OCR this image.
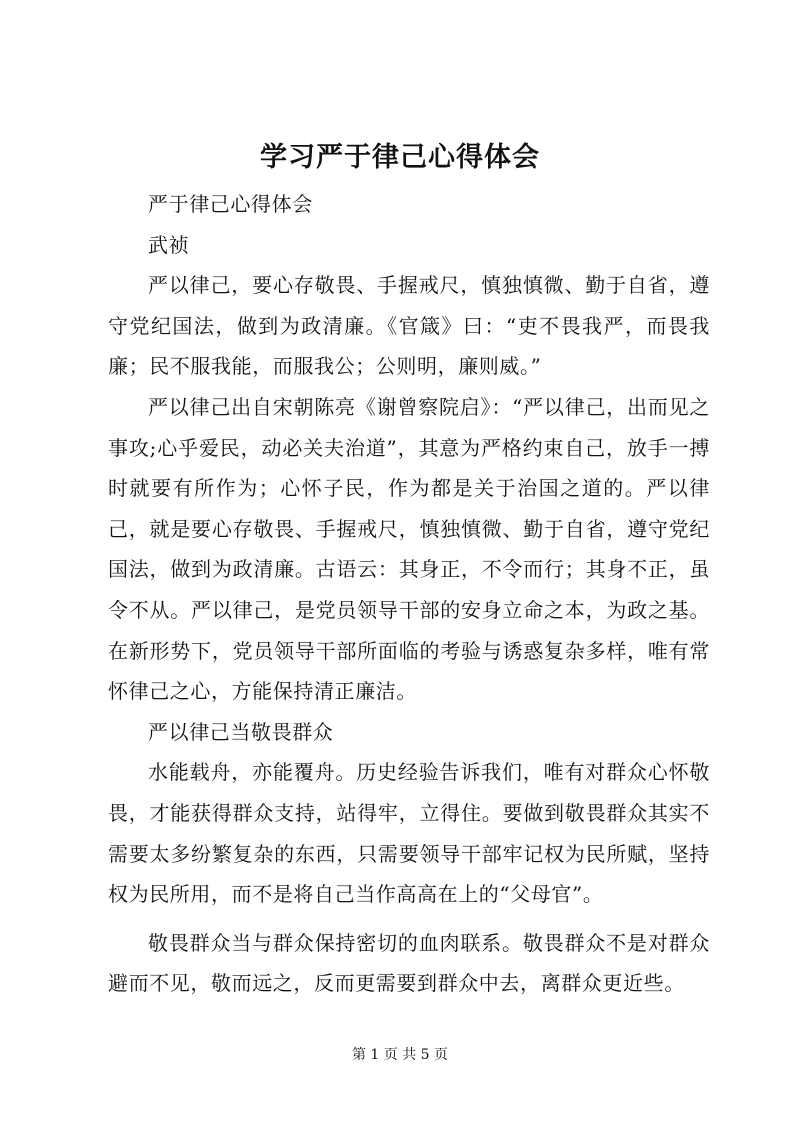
学习严于律己心得体会

严于律己心得体会

武祯

严以律己，要心存敬畏、手握戒尺，慎独慎微、勤于自省，遵守党纪国法，做到为政清廉。《官箴》曰：“吏不畏我严，而畏我廉；民不服我能，而服我公；公则明，廉则威。”

严以律己出自宋朝陈亮《谢曾察院启》：“严以律己，出而见之事攻;心乎爱民，动必关夫治道”，其意为严格约束自己，放手一搏时就要有所作为；心怀子民，作为都是关于治国之道的。严以律己，就是要心存敬畏、手握戒尺，慎独慎微、勤于自省，遵守党纪国法，做到为政清廉。古语云：其身正，不令而行；其身不正，虽令不从。严以律己，是党员领导干部的安身立命之本，为政之基。在新形势下，党员领导干部所面临的考验与诱惑复杂多样，唯有常怀律己之心，方能保持清正廉洁。

严以律己当敬畏群众

水能载舟，亦能覆舟。历史经验告诉我们，唯有对群众心怀敬畏，才能获得群众支持，站得牢，立得住。要做到敬畏群众其实不需要太多纷繁复杂的东西，只需要领导干部牢记权为民所赋，坚持权为民所用，而不是将自己当作高高在上的“父母官”。

敬畏群众当与群众保持密切的血肉联系。敬畏群众不是对群众避而不见，敬而远之，反而更需要到群众中去，离群众更近些。

第 1 页 共 5 页
